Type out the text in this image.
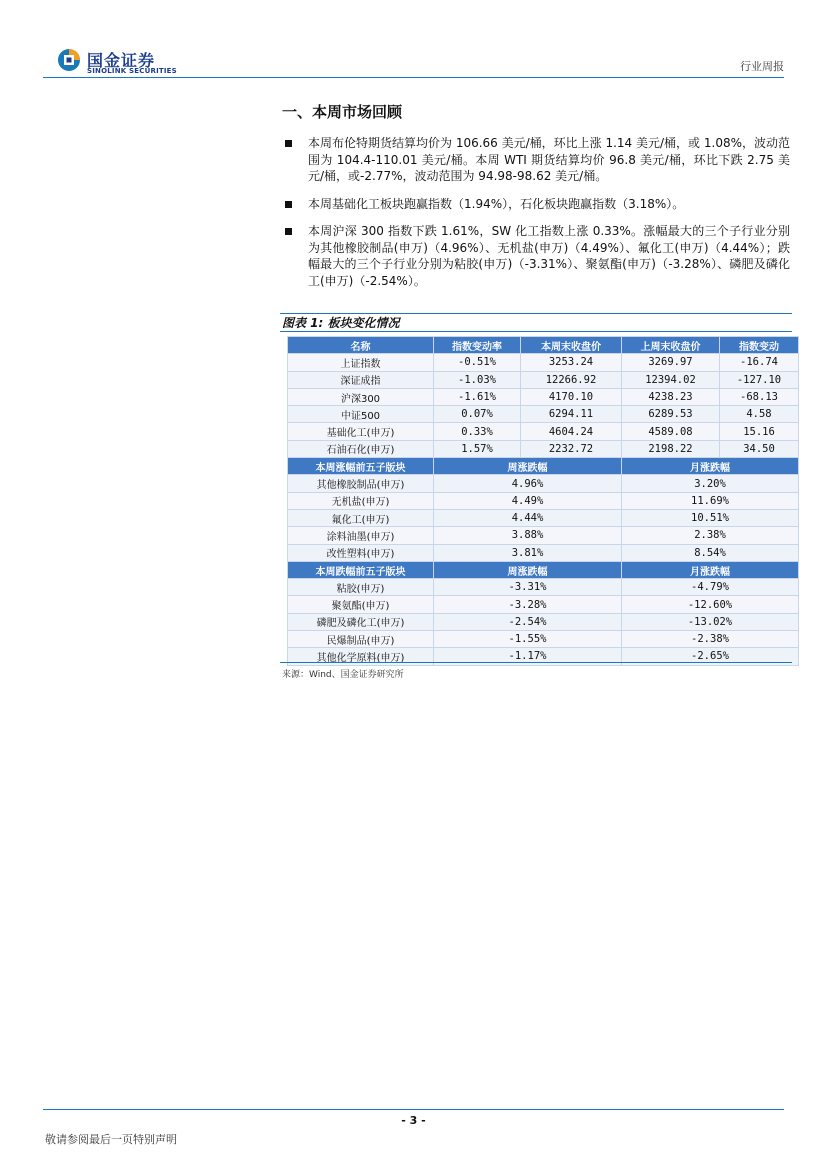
国金证券
SINOLINK SECURITIES	行业周报
一、本周市场回顾
本周布伦特期货结算均价为 106.66 美元/桶，环比上涨 1.14 美元/桶，或 1.08%，波动范围为 104.4-110.01 美元/桶。本周 WTI 期货结算均价 96.8 美元/桶，环比下跌 2.75 美元/桶，或-2.77%，波动范围为 94.98-98.62 美元/桶。
本周基础化工板块跑赢指数（1.94%），石化板块跑赢指数（3.18%）。
本周沪深 300 指数下跌 1.61%，SW 化工指数上涨 0.33%。涨幅最大的三个子行业分别为其他橡胶制品(申万)（4.96%）、无机盐(申万)（4.49%）、氟化工(申万)（4.44%）；跌幅最大的三个子行业分别为粘胶(申万)（-3.31%）、聚氨酯(申万)（-3.28%）、磷肥及磷化工(申万)（-2.54%）。
图表 1: 板块变化情况
名称	指数变动率	本周末收盘价	上周末收盘价	指数变动
上证指数	-0.51%	3253.24	3269.97	-16.74
深证成指	-1.03%	12266.92	12394.02	-127.10
沪深300	-1.61%	4170.10	4238.23	-68.13
中证500	0.07%	6294.11	6289.53	4.58
基础化工(申万)	0.33%	4604.24	4589.08	15.16
石油石化(申万)	1.57%	2232.72	2198.22	34.50
本周涨幅前五子版块	周涨跌幅		月涨跌幅	
其他橡胶制品(申万)	4.96%		3.20%	
无机盐(申万)	4.49%		11.69%	
氟化工(申万)	4.44%		10.51%	
涂料油墨(申万)	3.88%		2.38%	
改性塑料(申万)	3.81%		8.54%	
本周跌幅前五子版块	周涨跌幅		月涨跌幅	
粘胶(申万)	-3.31%		-4.79%	
聚氨酯(申万)	-3.28%		-12.60%	
磷肥及磷化工(申万)	-2.54%		-13.02%	
民爆制品(申万)	-1.55%		-2.38%	
其他化学原料(申万)	-1.17%		-2.65%	
来源：Wind、国金证券研究所
- 3 -
敬请参阅最后一页特别声明
